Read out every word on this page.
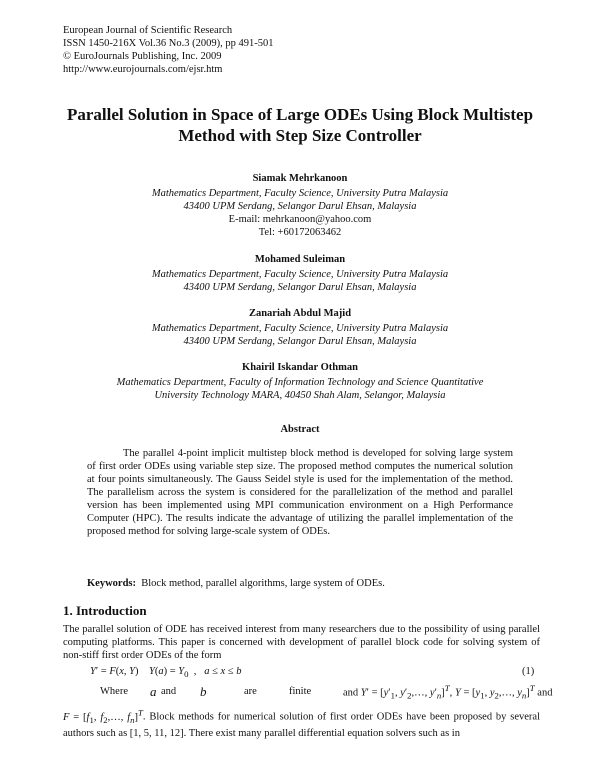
European Journal of Scientific Research
ISSN 1450-216X Vol.36 No.3 (2009), pp 491-501
© EuroJournals Publishing, Inc. 2009
http://www.eurojournals.com/ejsr.htm
Parallel Solution in Space of Large ODEs Using Block Multistep
Method with Step Size Controller
Siamak Mehrkanoon
Mathematics Department, Faculty Science, University Putra Malaysia
43400 UPM Serdang, Selangor Darul Ehsan, Malaysia
E-mail: mehrkanoon@yahoo.com
Tel: +60172063462
Mohamed Suleiman
Mathematics Department, Faculty Science, University Putra Malaysia
43400 UPM Serdang, Selangor Darul Ehsan, Malaysia
Zanariah Abdul Majid
Mathematics Department, Faculty Science, University Putra Malaysia
43400 UPM Serdang, Selangor Darul Ehsan, Malaysia
Khairil Iskandar Othman
Mathematics Department, Faculty of Information Technology and Science Quantitative
University Technology MARA, 40450 Shah Alam, Selangor, Malaysia
Abstract
The parallel 4-point implicit multistep block method is developed for solving large system of first order ODEs using variable step size. The proposed method computes the numerical solution at four points simultaneously. The Gauss Seidel style is used for the implementation of the method. The parallelism across the system is considered for the parallelization of the method and parallel version has been implemented using MPI communication environment on a High Performance Computer (HPC). The results indicate the advantage of utilizing the parallel implementation of the proposed method for solving large-scale system of ODEs.
Keywords: Block method, parallel algorithms, large system of ODEs.
1. Introduction
The parallel solution of ODE has received interest from many researchers due to the possibility of using parallel computing platforms. This paper is concerned with development of parallel block code for solving system of non-stiff first order ODEs of the form
Y′ = F(x, Y)    $Y(a) = Y_0$  ,   a ≤ x ≤ b	(1)
Where a and b	are	finite	and $Y' = [y'_1$, $y'_2,\dots$, $y'_n]^T$, $Y = [y_1$, $y_2,\dots$, $y_n]^T$ and
$F = [f_1$, $f_2,\dots$, $f_n]^T$. Block methods for numerical solution of first order ODEs have been proposed by several authors such as [1, 5, 11, 12]. There exist many parallel differential equation solvers such as in
